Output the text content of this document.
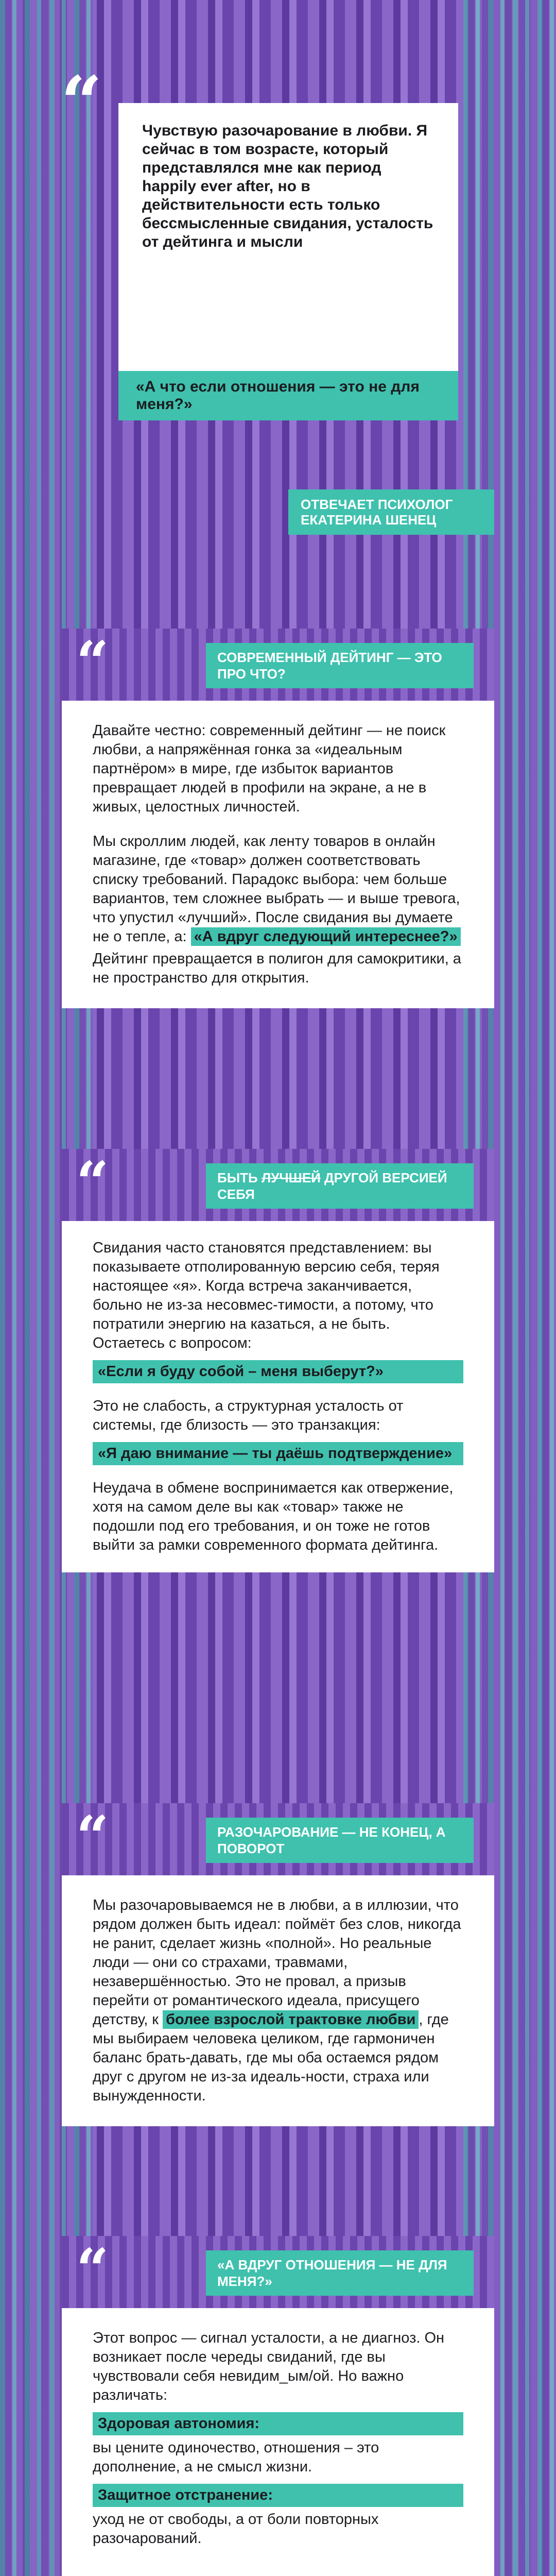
“	Чувствую разочарование в любви. Я сейчас в том возрасте, который представлялся мне как период happily ever after, но в действительности есть только бессмысленные свидания, усталость от дейтинга и мысли

«А что если отношения — это не для меня?»
ОТВЕЧАЕТ ПСИХОЛОГ ЕКАТЕРИНА ШЕНЕЦ
“	СОВРЕМЕННЫЙ ДЕЙТИНГ — ЭТО ПРО ЧТО?

Давайте честно: современный дейтинг — не поиск любви, а напряжённая гонка за «идеальным партнёром» в мире, где избыток вариантов превращает людей в профили на экране, а не в живых, целостных личностей.

Мы скроллим людей, как ленту товаров в онлайн магазине, где «товар» должен соответствовать списку требований. Парадокс выбора: чем больше вариантов, тем сложнее выбрать — и выше тревога, что упустил «лучший». После свидания вы думаете не о тепле, а: «А вдруг следующий интереснее?»

Дейтинг превращается в полигон для самокритики, а не пространство для открытия.

“	БЫТЬ ЛУЧШЕЙ ДРУГОЙ ВЕРСИЕЙ СЕБЯ

Свидания часто становятся представлением: вы показываете отполированную версию себя, теряя настоящее «я». Когда встреча заканчивается, больно не из-за несовмес-тимости, а потому, что потратили энергию на казаться, а не быть. Остаетесь с вопросом:

«Если я буду собой – меня выберут?»

Это не слабость, а структурная усталость от системы, где близость — это транзакция:

«Я даю внимание — ты даёшь подтверждение»

Неудача в обмене воспринимается как отвержение, хотя на самом деле вы как «товар» также не подошли под его требования, и он тоже не готов выйти за рамки современного формата дейтинга.

“	РАЗОЧАРОВАНИЕ — НЕ КОНЕЦ, А ПОВОРОТ

Мы разочаровываемся не в любви, а в иллюзии, что рядом должен быть идеал: поймёт без слов, никогда не ранит, сделает жизнь «полной». Но реальные люди — они со страхами, травмами, незавершённостью. Это не провал, а призыв перейти от романтического идеала, присущего детству, к более взрослой трактовке любви , где мы выбираем человека целиком, где гармоничен баланс брать-давать, где мы оба остаемся рядом друг с другом не из-за идеаль-ности, страха или вынужденности.

“	«А ВДРУГ ОТНОШЕНИЯ — НЕ ДЛЯ МЕНЯ?»

Этот вопрос — сигнал усталости, а не диагноз. Он возникает после череды свиданий, где вы чувствовали себя невидим_ым/ой. Но важно различать:

Здоровая автономия:

вы цените одиночество, отношения – это дополнение, а не смысл жизни.

Защитное отстранение:

уход не от свободы, а от боли повторных разочарований.
